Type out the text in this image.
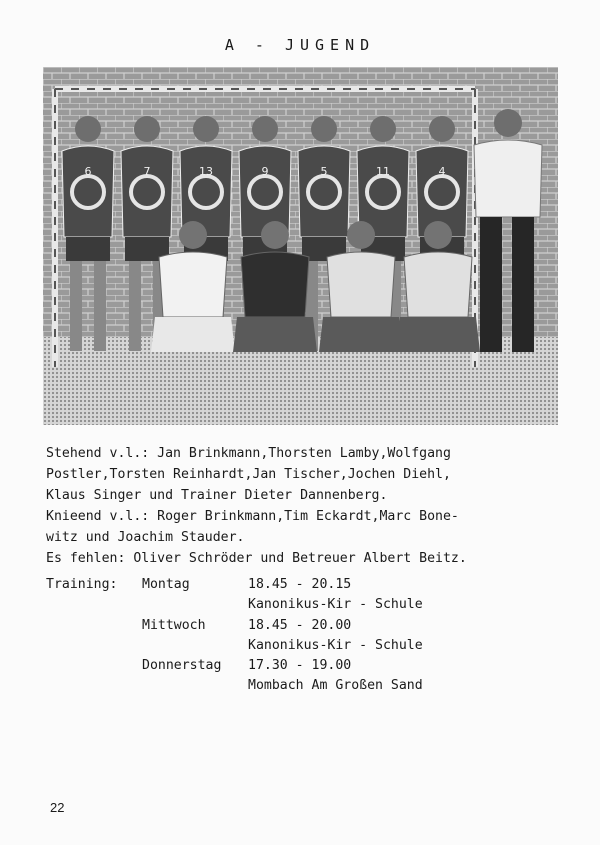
A - JUGEND
6	7	13	9	5	11	4
Stehend v.l.: Jan Brinkmann,Thorsten Lamby,Wolfgang
Postler,Torsten Reinhardt,Jan Tischer,Jochen Diehl,
Klaus Singer und Trainer Dieter Dannenberg.
Knieend v.l.: Roger Brinkmann,Tim Eckardt,Marc Bone-
witz und Joachim Stauder.
Es fehlen: Oliver Schröder und Betreuer Albert Beitz.
Training: Montag	18.45 - 20.15
Kanonikus-Kir - Schule
Mittwoch	18.45 - 20.00
Kanonikus-Kir - Schule
Donnerstag 17.30 - 19.00
Mombach Am Großen Sand
22
